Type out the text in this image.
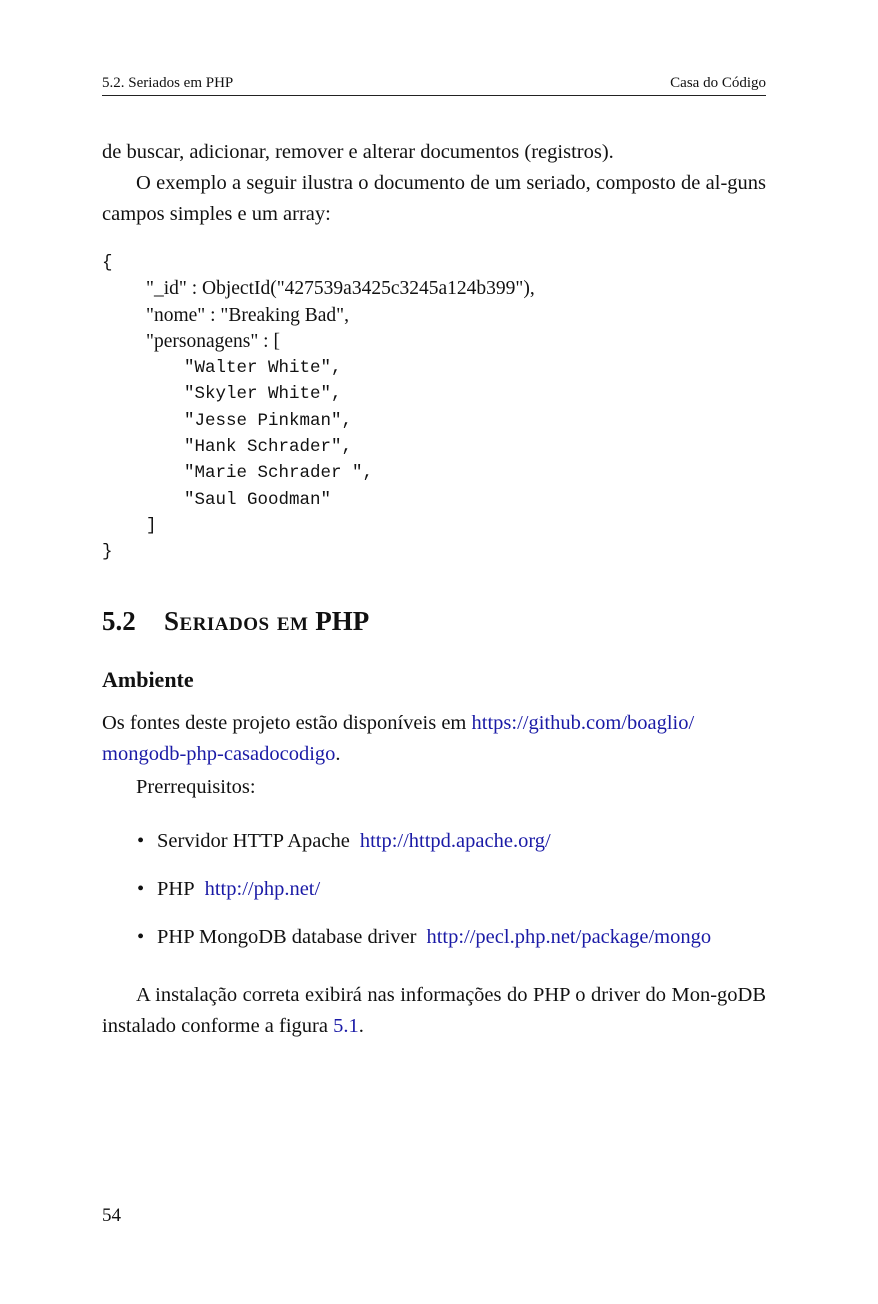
5.2. Seriados em PHP	Casa do Código

de buscar, adicionar, remover e alterar documentos (registros).

O exemplo a seguir ilustra o documento de um seriado, composto de al-guns campos simples e um array:

{
"_id" : ObjectId("427539a3425c3245a124b399"),
"nome" : "Breaking Bad",
"personagens" : [
"Walter White",
"Skyler White",
"Jesse Pinkman",
"Hank Schrader",
"Marie Schrader ",
"Saul Goodman"
]
}
5.2	Seriados em
PHP
Ambiente

Os fontes deste projeto estão disponíveis em https://github.com/boaglio/
mongodb-php-casadocodigo.

Prerrequisitos:

• Servidor HTTP Apache http://httpd.apache.org/
• PHP http://php.net/
• PHP MongoDB database driver http://pecl.php.net/package/mongo

A instalação correta exibirá nas informações do PHP o driver do Mon-goDB instalado conforme a figura 5.1.

54
